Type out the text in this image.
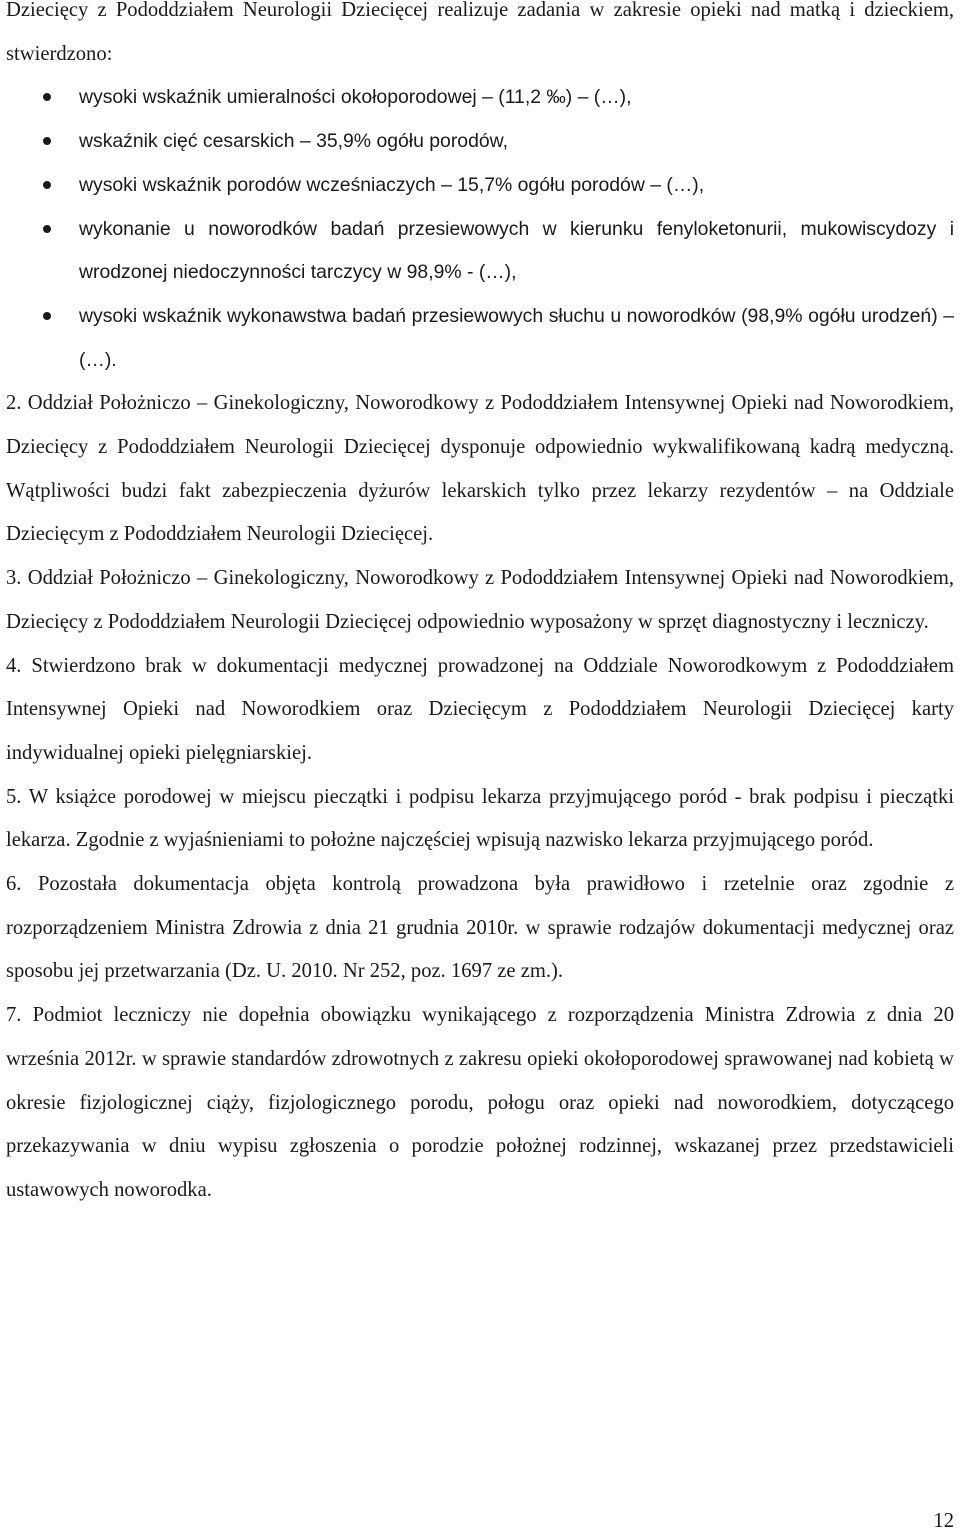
Dziecięcy z Pododdziałem Neurologii Dziecięcej realizuje zadania w zakresie opieki nad matką i dzieckiem, stwierdzono:

wysoki wskaźnik umieralności okołoporodowej – (11,2 ‰) – (…),
wskaźnik cięć cesarskich – 35,9% ogółu porodów,
wysoki wskaźnik porodów wcześniaczych – 15,7% ogółu porodów – (…),
wykonanie u noworodków badań przesiewowych w kierunku fenyloketonurii, mukowiscydozy i wrodzonej niedoczynności tarczycy w 98,9% - (…),
wysoki wskaźnik wykonawstwa badań przesiewowych słuchu u noworodków (98,9% ogółu urodzeń) – (…).

2. Oddział Położniczo – Ginekologiczny, Noworodkowy z Pododdziałem Intensywnej Opieki nad Noworodkiem, Dziecięcy z Pododdziałem Neurologii Dziecięcej dysponuje odpowiednio wykwalifikowaną kadrą medyczną. Wątpliwości budzi fakt zabezpieczenia dyżurów lekarskich tylko przez lekarzy rezydentów – na Oddziale Dziecięcym z Pododdziałem Neurologii Dziecięcej.

3. Oddział Położniczo – Ginekologiczny, Noworodkowy z Pododdziałem Intensywnej Opieki nad Noworodkiem, Dziecięcy z Pododdziałem Neurologii Dziecięcej odpowiednio wyposażony w sprzęt diagnostyczny i leczniczy.

4. Stwierdzono brak w dokumentacji medycznej prowadzonej na Oddziale Noworodkowym z Pododdziałem Intensywnej Opieki nad Noworodkiem oraz Dziecięcym z Pododdziałem Neurologii Dziecięcej karty indywidualnej opieki pielęgniarskiej.

5. W książce porodowej w miejscu pieczątki i podpisu lekarza przyjmującego poród - brak podpisu i pieczątki lekarza. Zgodnie z wyjaśnieniami to położne najczęściej wpisują nazwisko lekarza przyjmującego poród.

6. Pozostała dokumentacja objęta kontrolą prowadzona była prawidłowo i rzetelnie oraz zgodnie z rozporządzeniem Ministra Zdrowia z dnia 21 grudnia 2010r. w sprawie rodzajów dokumentacji medycznej oraz sposobu jej przetwarzania (Dz. U. 2010. Nr 252, poz. 1697 ze zm.).

7. Podmiot leczniczy nie dopełnia obowiązku wynikającego z rozporządzenia Ministra Zdrowia z dnia 20 września 2012r. w sprawie standardów zdrowotnych z zakresu opieki okołoporodowej sprawowanej nad kobietą w okresie fizjologicznej ciąży, fizjologicznego porodu, połogu oraz opieki nad noworodkiem, dotyczącego przekazywania w dniu wypisu zgłoszenia o porodzie położnej rodzinnej, wskazanej przez przedstawicieli ustawowych noworodka.

12
